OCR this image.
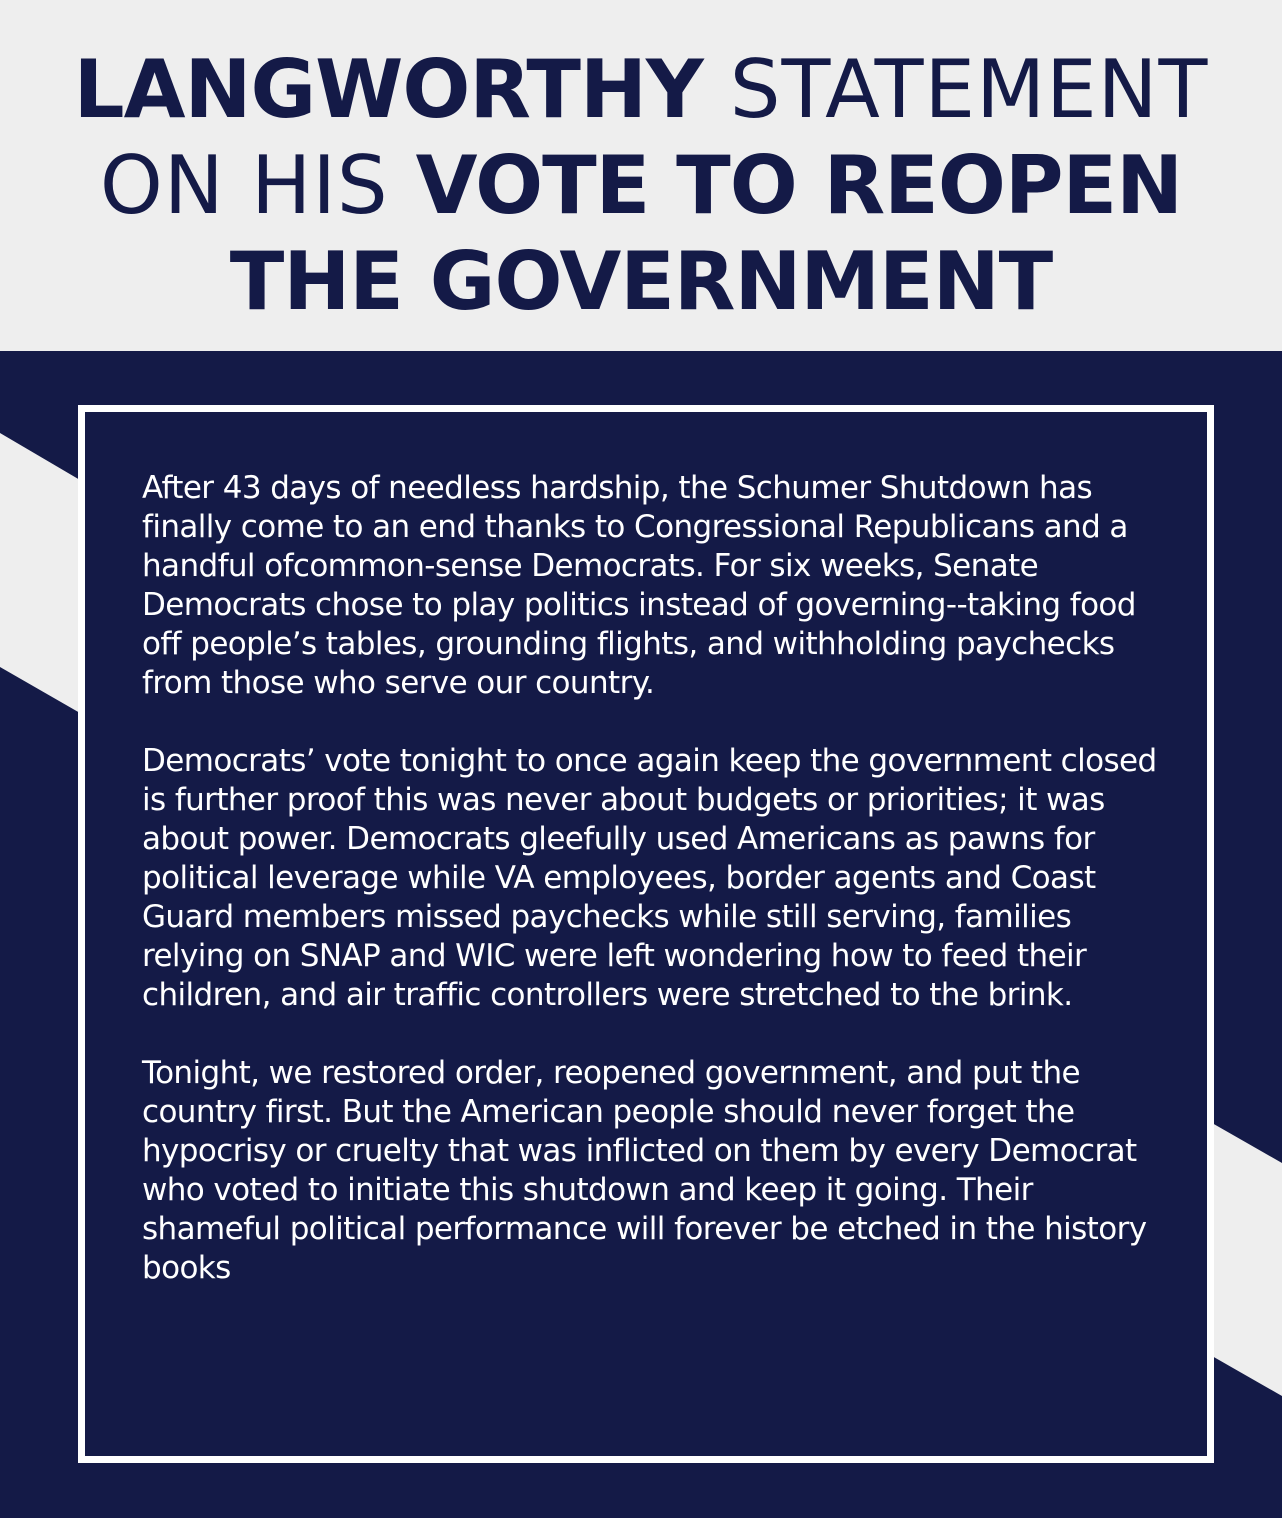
LANGWORTHY STATEMENT
ON HIS VOTE TO REOPEN
THE GOVERNMENT

After 43 days of needless hardship, the Schumer Shutdown has finally come to an end thanks to Congressional Republicans and a handful ofcommon-sense Democrats. For six weeks, Senate Democrats chose to play politics instead of governing--taking food off people’s tables, grounding flights, and withholding paychecks from those who serve our country.

Democrats’ vote tonight to once again keep the government closed is further proof this was never about budgets or priorities; it was about power. Democrats gleefully used Americans as pawns for political leverage while VA employees, border agents and Coast Guard members missed paychecks while still serving, families relying on SNAP and WIC were left wondering how to feed their children, and air traffic controllers were stretched to the brink.

Tonight, we restored order, reopened government, and put the country first. But the American people should never forget the hypocrisy or cruelty that was inflicted on them by every Democrat who voted to initiate this shutdown and keep it going. Their shameful political performance will forever be etched in the history books
